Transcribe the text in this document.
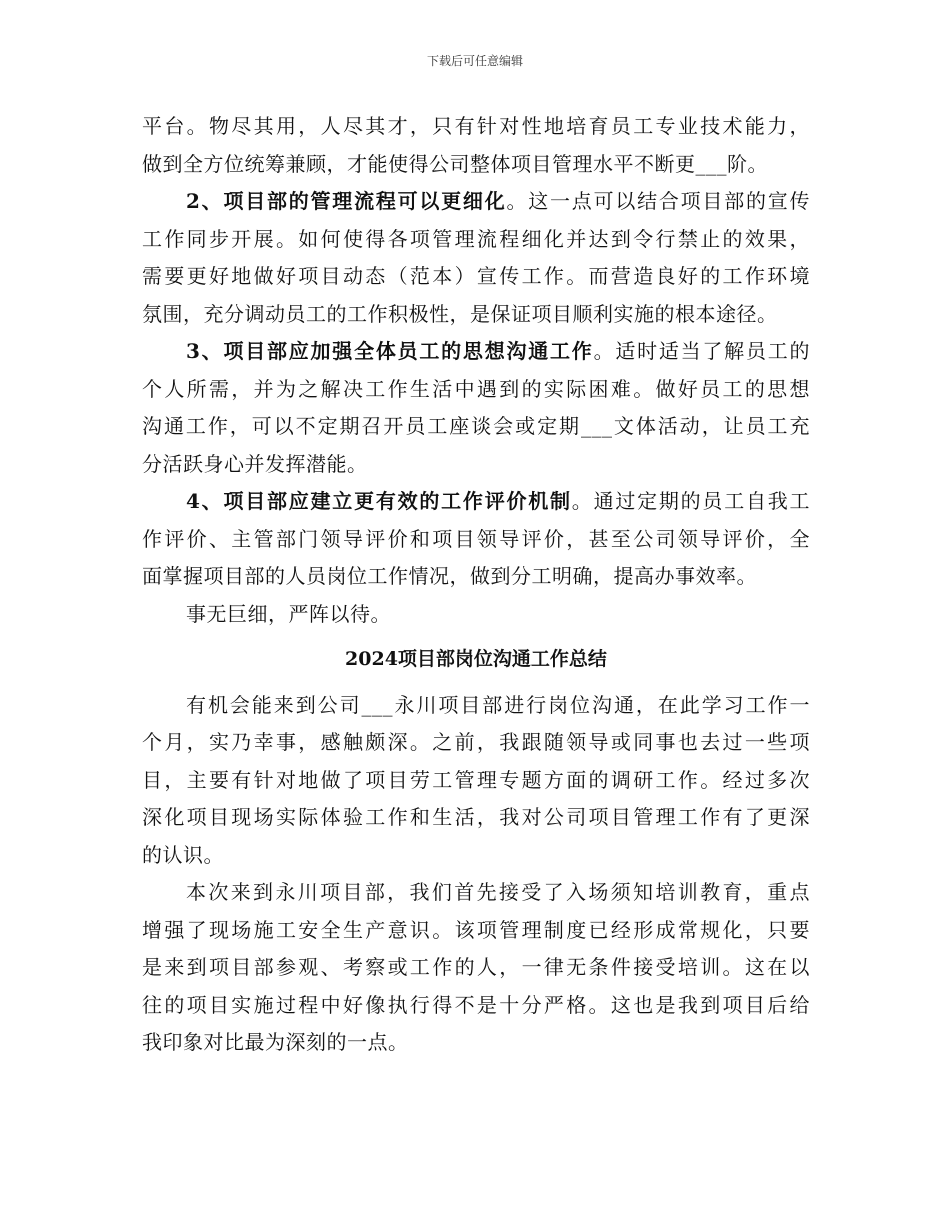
下载后可任意编辑
平台。物尽其用，人尽其才，只有针对性地培育员工专业技术能力，
做到全方位统筹兼顾，才能使得公司整体项目管理水平不断更___阶。
2、项目部的管理流程可以更细化。这一点可以结合项目部的宣传
工作同步开展。如何使得各项管理流程细化并达到令行禁止的效果，
需要更好地做好项目动态（范本）宣传工作。而营造良好的工作环境
氛围，充分调动员工的工作积极性，是保证项目顺利实施的根本途径。
3、项目部应加强全体员工的思想沟通工作。适时适当了解员工的
个人所需，并为之解决工作生活中遇到的实际困难。做好员工的思想
沟通工作，可以不定期召开员工座谈会或定期___文体活动，让员工充
分活跃身心并发挥潜能。
4、项目部应建立更有效的工作评价机制。通过定期的员工自我工
作评价、主管部门领导评价和项目领导评价，甚至公司领导评价，全
面掌握项目部的人员岗位工作情况，做到分工明确，提高办事效率。
事无巨细，严阵以待。
2024项目部岗位沟通工作总结
有机会能来到公司___永川项目部进行岗位沟通，在此学习工作一
个月，实乃幸事，感触颇深。之前，我跟随领导或同事也去过一些项
目，主要有针对地做了项目劳工管理专题方面的调研工作。经过多次
深化项目现场实际体验工作和生活，我对公司项目管理工作有了更深
的认识。
本次来到永川项目部，我们首先接受了入场须知培训教育，重点
增强了现场施工安全生产意识。该项管理制度已经形成常规化，只要
是来到项目部参观、考察或工作的人，一律无条件接受培训。这在以
往的项目实施过程中好像执行得不是十分严格。这也是我到项目后给
我印象对比最为深刻的一点。
